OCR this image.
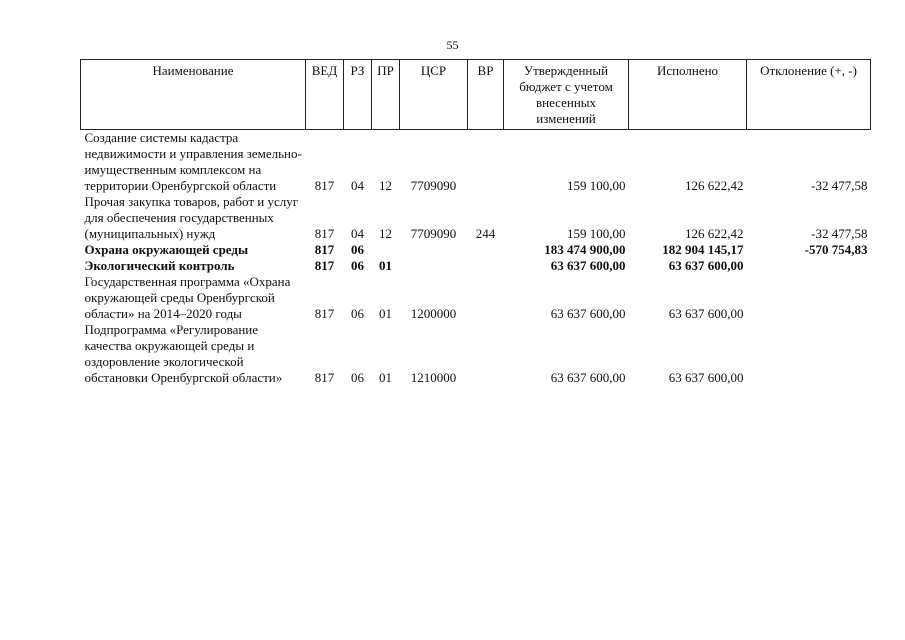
55
Наименование	ВЕД	РЗ	ПР	ЦСР	ВР	Утвержденный бюджет с учетом внесенных изменений	Исполнено	Отклонение (+, -)
Создание системы кадастра недвижимости и управления земельно-имущественным комплексом на территории Оренбургской области	817	04	12	7709090		159 100,00	126 622,42	-32 477,58
Прочая закупка товаров, работ и услуг для обеспечения государственных (муниципальных) нужд	817	04	12	7709090	244	159 100,00	126 622,42	-32 477,58
Охрана окружающей среды	817	06				183 474 900,00	182 904 145,17	-570 754,83
Экологический контроль	817	06	01			63 637 600,00	63 637 600,00	
Государственная программа «Охрана окружающей среды Оренбургской области» на 2014–2020 годы	817	06	01	1200000		63 637 600,00	63 637 600,00	
Подпрограмма «Регулирование качества окружающей среды и оздоровление экологической обстановки Оренбургской области»	817	06	01	1210000		63 637 600,00	63 637 600,00	
